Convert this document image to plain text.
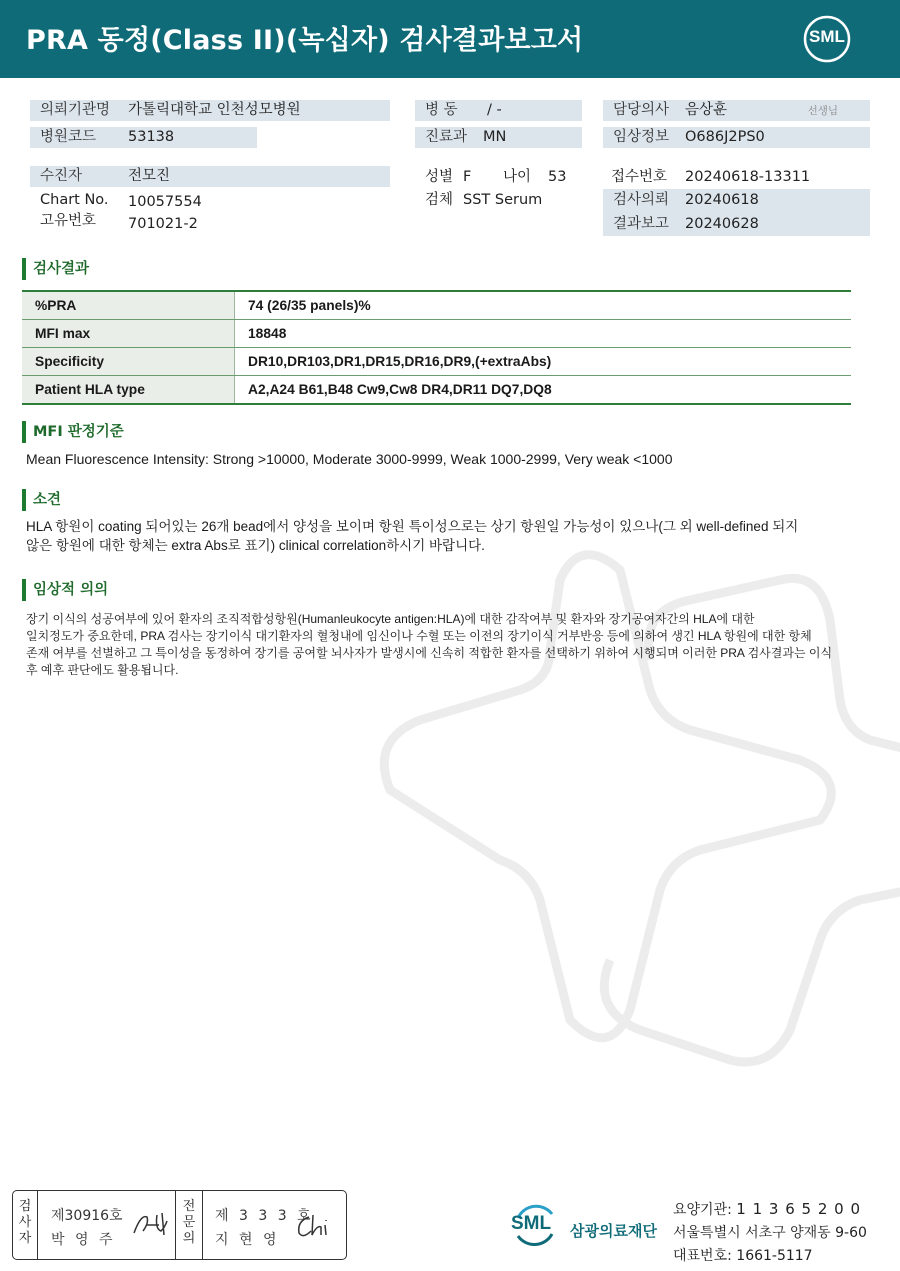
PRA 동정(Class II)(녹십자) 검사결과보고서	SML
의뢰기관명 가톨릭대학교 인천성모병원
병원코드 53138
병 동 / -
진료과 MN
담당의사 음상훈	선생님
임상정보 O686J2PS0
수진자	전모진
Chart No. 10057554
고유번호 701021-2
성별 F 나이 53
검체 SST Serum
접수번호 20240618-13311
검사의뢰 20240618
결과보고 20240628
검사결과
%PRA	74 (26/35 panels)%
MFI max	18848
Specificity	DR10,DR103,DR1,DR15,DR16,DR9,(+extraAbs)
Patient HLA type	A2,A24 B61,B48 Cw9,Cw8 DR4,DR11 DQ7,DQ8
MFI 판정기준
Mean Fluorescence Intensity: Strong >10000, Moderate 3000-9999, Weak 1000-2999, Very weak <1000
소견
HLA 항원이 coating 되어있는 26개 bead에서 양성을 보이며 항원 특이성으로는 상기 항원일 가능성이 있으나(그 외 well-defined 되지
않은 항원에 대한 항체는 extra Abs로 표기) clinical correlation하시기 바랍니다.
임상적 의의
장기 이식의 성공여부에 있어 환자의 조직적합성항원(Humanleukocyte antigen:HLA)에 대한 감작여부 및 환자와 장기공여자간의 HLA에 대한
일치정도가 중요한데, PRA 검사는 장기이식 대기환자의 혈청내에 임신이나 수혈 또는 이전의 장기이식 거부반응 등에 의하여 생긴 HLA 항원에 대한 항체
존재 여부를 선별하고 그 특이성을 동정하여 장기를 공여할 뇌사자가 발생시에 신속히 적합한 환자를 선택하기 위하여 시행되며 이러한 PRA 검사결과는 이식
후 예후 판단에도 활용됩니다.
검
사
자
제30916호
박 영 주
전
문
의
제 3 3 3 호
지 현 영
SML 삼광의료재단
요양기관: 1 1 3 6 5 2 0 0
서울특별시 서초구 양재동 9-60
대표번호: 1661-5117
